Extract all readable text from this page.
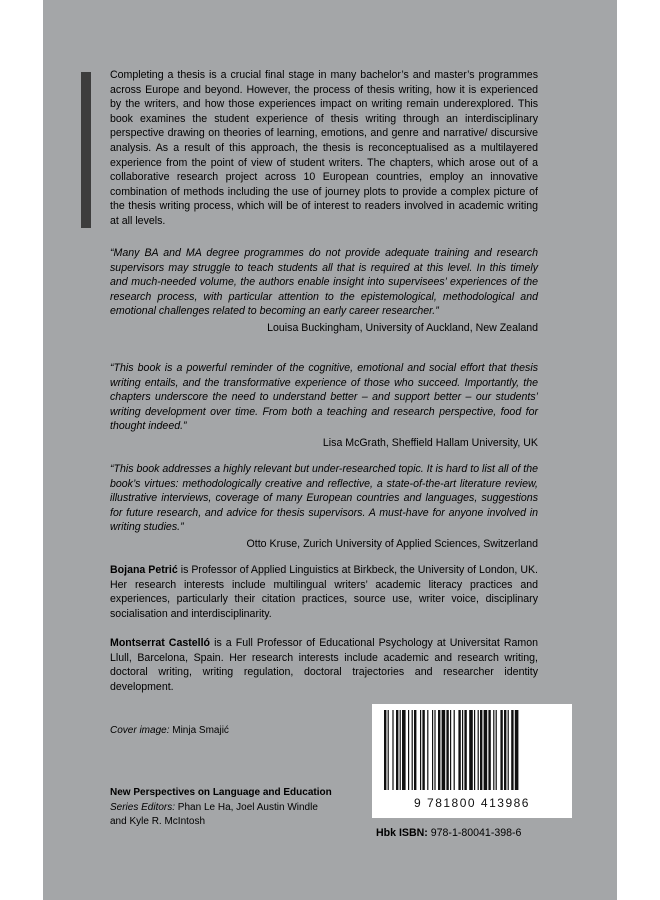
Completing a thesis is a crucial final stage in many bachelor’s and master’s programmes across Europe and beyond. However, the process of thesis writing, how it is experienced by the writers, and how those experiences impact on writing remain underexplored. This book examines the student experience of thesis writing through an interdisciplinary perspective drawing on theories of learning, emotions, and genre and narrative/ discursive analysis. As a result of this approach, the thesis is reconceptualised as a multilayered experience from the point of view of student writers. The chapters, which arose out of a collaborative research project across 10 European countries, employ an innovative combination of methods including the use of journey plots to provide a complex picture of the thesis writing process, which will be of interest to readers involved in academic writing at all levels.

“Many BA and MA degree programmes do not provide adequate training and research supervisors may struggle to teach students all that is required at this level. In this timely and much-needed volume, the authors enable insight into supervisees’ experiences of the research process, with particular attention to the epistemological, methodological and emotional challenges related to becoming an early career researcher.”

Louisa Buckingham, University of Auckland, New Zealand

“This book is a powerful reminder of the cognitive, emotional and social effort that thesis writing entails, and the transformative experience of those who succeed. Importantly, the chapters underscore the need to understand better – and support better – our students’ writing development over time. From both a teaching and research perspective, food for thought indeed.”

Lisa McGrath, Sheffield Hallam University, UK

“This book addresses a highly relevant but under-researched topic. It is hard to list all of the book’s virtues: methodologically creative and reflective, a state-of-the-art literature review, illustrative interviews, coverage of many European countries and languages, suggestions for future research, and advice for thesis supervisors. A must-have for anyone involved in writing studies.”

Otto Kruse, Zurich University of Applied Sciences, Switzerland

Bojana Petrić is Professor of Applied Linguistics at Birkbeck, the University of London, UK. Her research interests include multilingual writers’ academic literacy practices and experiences, particularly their citation practices, source use, writer voice, disciplinary socialisation and interdisciplinarity.

Montserrat Castelló is a Full Professor of Educational Psychology at Universitat Ramon Llull, Barcelona, Spain. Her research interests include academic and research writing, doctoral writing, writing regulation, doctoral trajectories and researcher identity development.

Cover image: Minja Smajić
New Perspectives on Language and Education
Series Editors: Phan Le Ha, Joel Austin Windle
and Kyle R. McIntosh
9 781800 413986
Hbk ISBN: 978-1-80041-398-6
